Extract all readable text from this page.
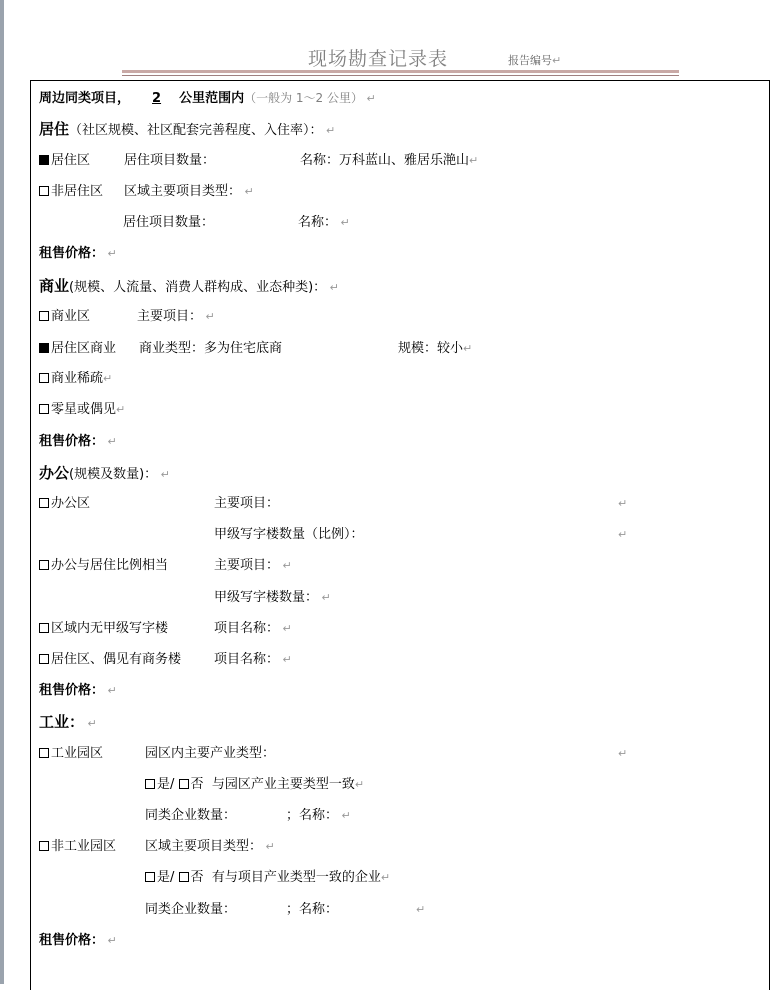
现场勘查记录表	报告编号↵
周边同类项目， 2 公里范围内（一般为 1～2 公里） ↵
居住（社区规模、社区配套完善程度、入住率）： ↵
居住区	居住项目数量：	名称：万科蓝山、雅居乐滟山↵
非居住区 区域主要项目类型： ↵
居住项目数量：	名称： ↵
租售价格： ↵
商业(规模、人流量、消费人群构成、业态种类)： ↵
商业区	主要项目： ↵
居住区商业 商业类型：多为住宅底商	规模：较小↵
商业稀疏↵
零星或偶见↵
租售价格： ↵
办公(规模及数量)： ↵
办公区	主要项目：	↵
甲级写字楼数量（比例）：	↵
办公与居住比例相当	主要项目： ↵
甲级写字楼数量： ↵
区域内无甲级写字楼	项目名称： ↵
居住区、偶见有商务楼	项目名称： ↵
租售价格： ↵
工业： ↵
工业园区	园区内主要产业类型：	↵
是/ 否 与园区产业主要类型一致↵
同类企业数量：	；名称： ↵
非工业园区 区域主要项目类型： ↵
是/ 否 有与项目产业类型一致的企业↵
同类企业数量：	；名称：	↵
租售价格： ↵
